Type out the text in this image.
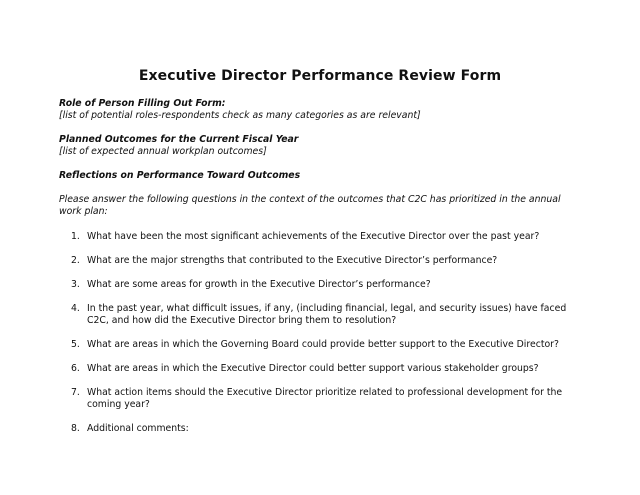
Executive Director Performance Review Form
Role of Person Filling Out Form:
[list of potential roles-respondents check as many categories as are relevant]
Planned Outcomes for the Current Fiscal Year
[list of expected annual workplan outcomes]
Reflections on Performance Toward Outcomes
Please answer the following questions in the context of the outcomes that C2C has prioritized in the annual work plan:
1. What have been the most significant achievements of the Executive Director over the past year?
2. What are the major strengths that contributed to the Executive Director’s performance?
3. What are some areas for growth in the Executive Director’s performance?
4. In the past year, what difficult issues, if any, (including financial, legal, and security issues) have faced C2C, and how did the Executive Director bring them to resolution?
5. What are areas in which the Governing Board could provide better support to the Executive Director?
6. What are areas in which the Executive Director could better support various stakeholder groups?
7. What action items should the Executive Director prioritize related to professional development for the coming year?
8. Additional comments:
